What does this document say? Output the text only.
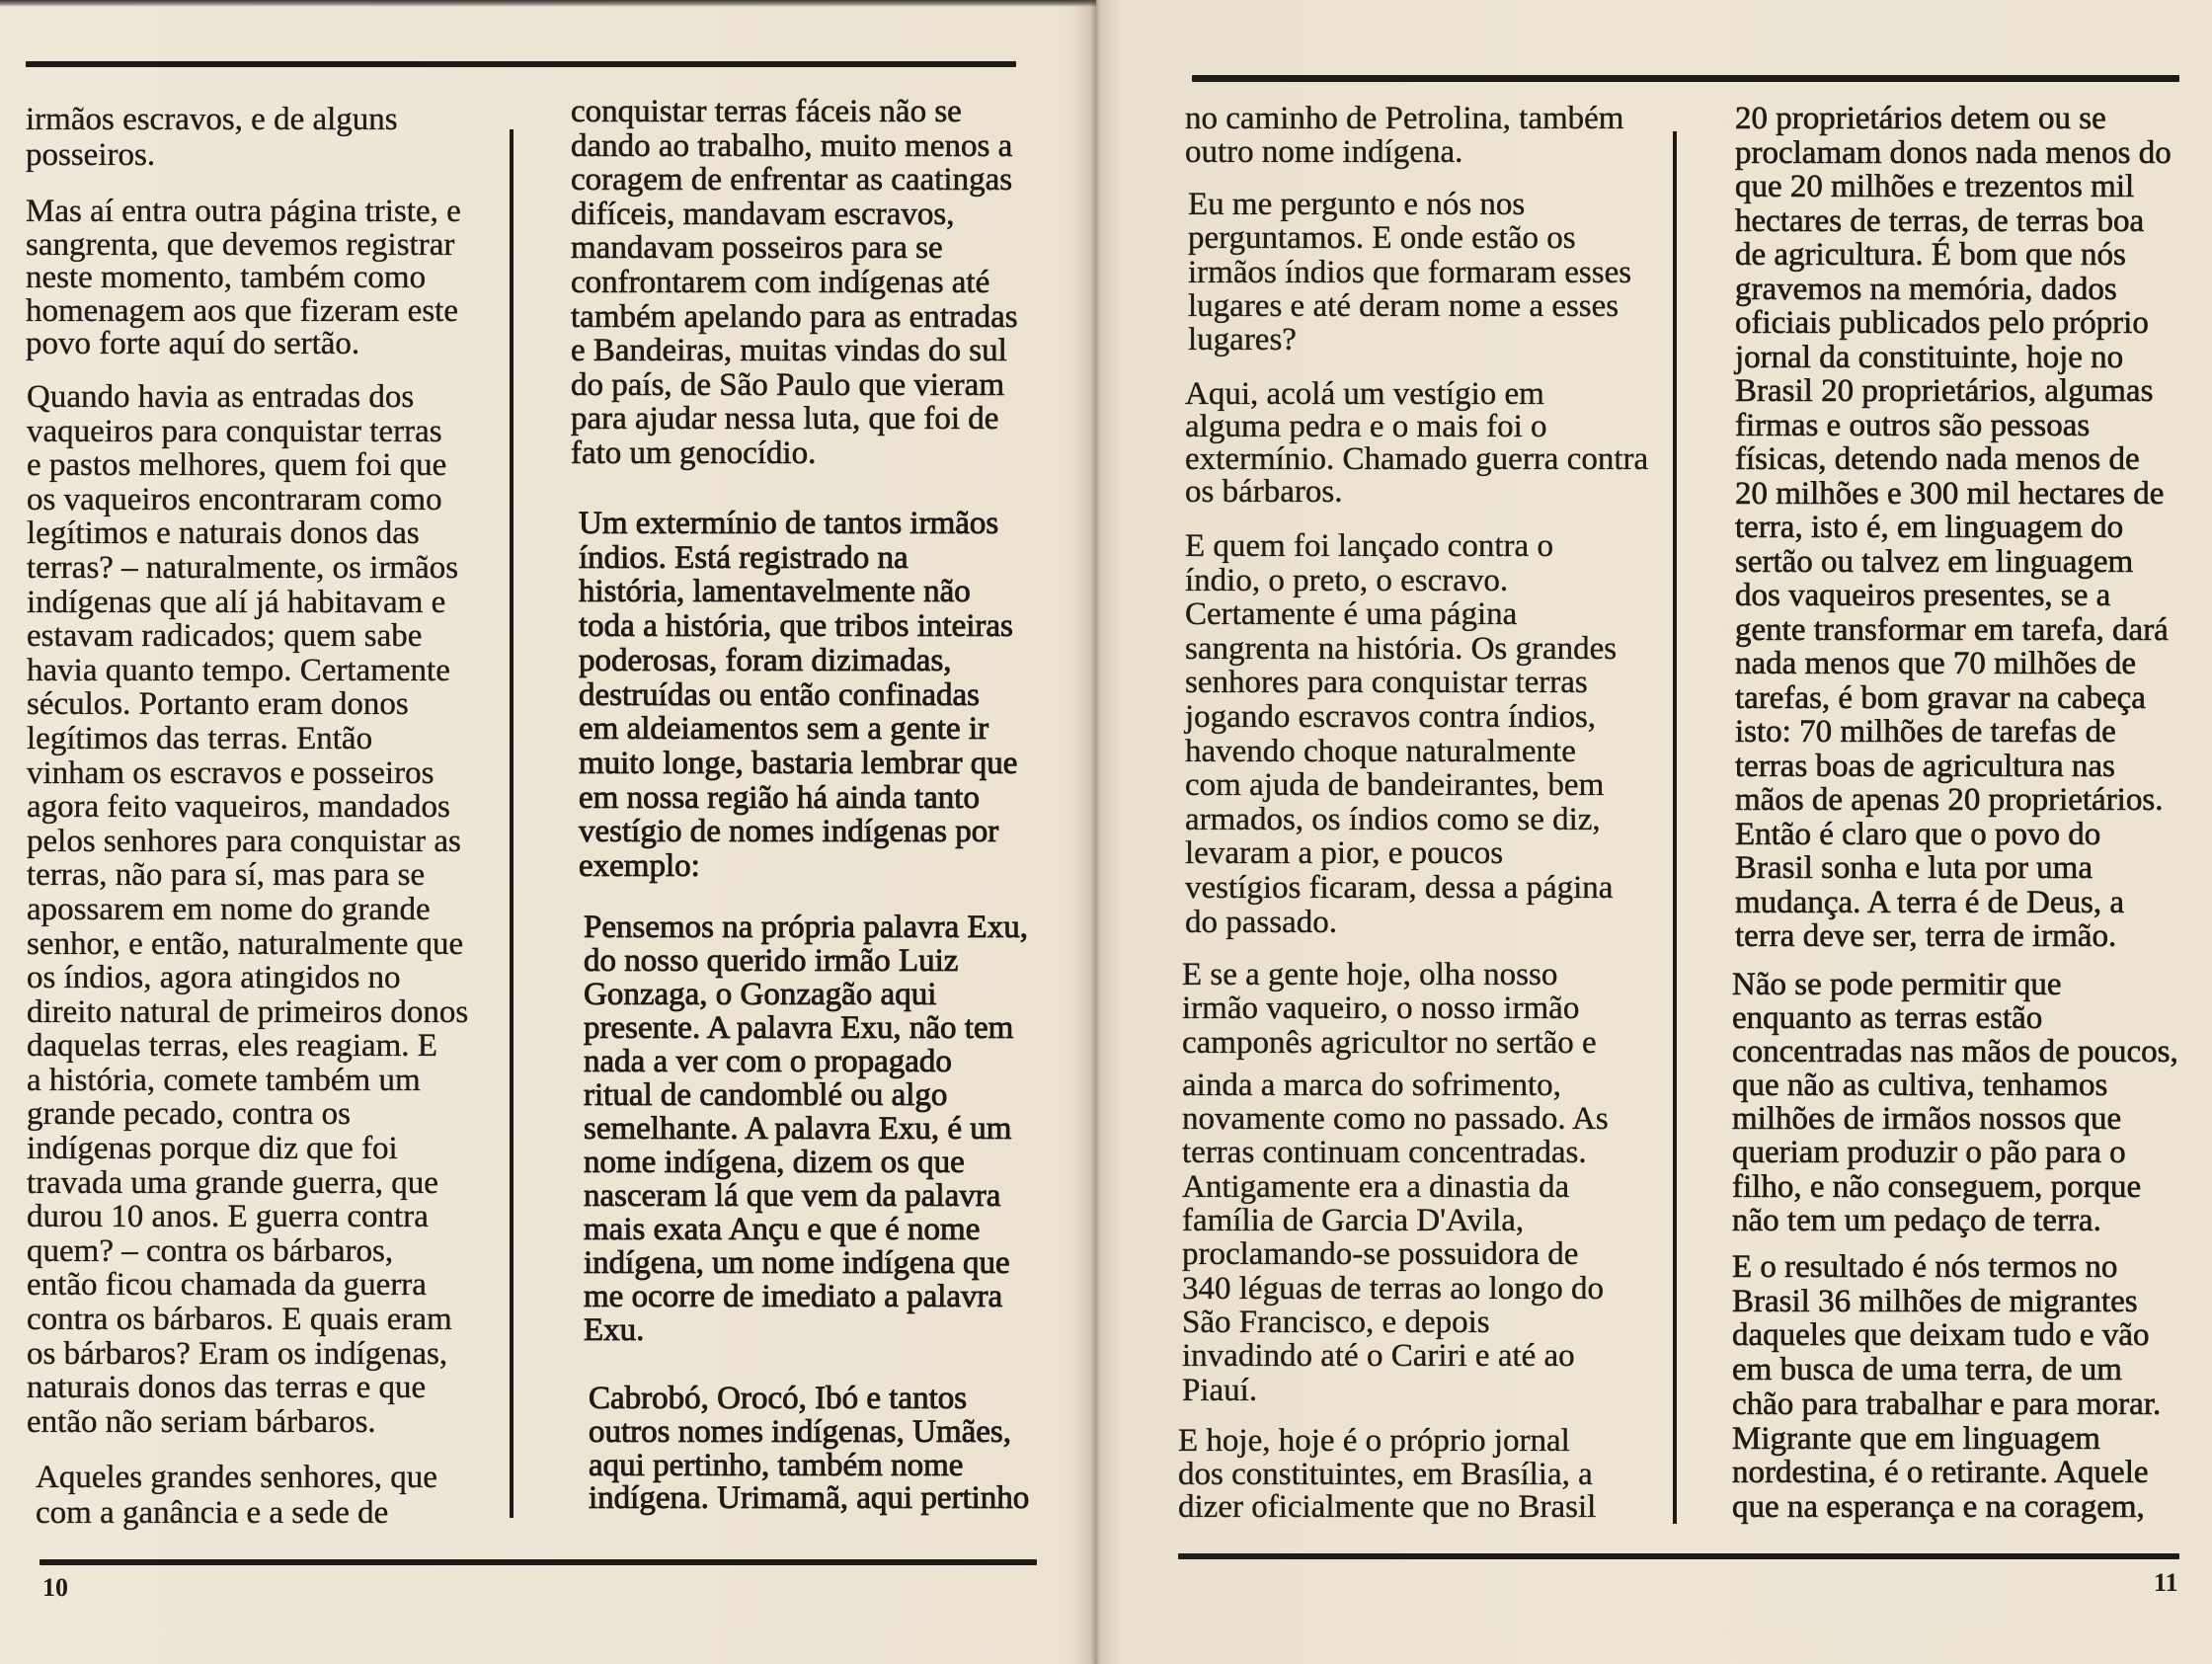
irmãos escravos, e de alguns
posseiros.
Mas aí entra outra página triste, e
sangrenta, que devemos registrar
neste momento, também como
homenagem aos que fizeram este
povo forte aquí do sertão.
Quando havia as entradas dos
vaqueiros para conquistar terras
e pastos melhores, quem foi que
os vaqueiros encontraram como
legítimos e naturais donos das
terras? – naturalmente, os irmãos
indígenas que alí já habitavam e
estavam radicados; quem sabe
havia quanto tempo. Certamente
séculos. Portanto eram donos
legítimos das terras. Então
vinham os escravos e posseiros
agora feito vaqueiros, mandados
pelos senhores para conquistar as
terras, não para sí, mas para se
apossarem em nome do grande
senhor, e então, naturalmente que
os índios, agora atingidos no
direito natural de primeiros donos
daquelas terras, eles reagiam. E
a história, comete também um
grande pecado, contra os
indígenas porque diz que foi
travada uma grande guerra, que
durou 10 anos. E guerra contra
quem? – contra os bárbaros,
então ficou chamada da guerra
contra os bárbaros. E quais eram
os bárbaros? Eram os indígenas,
naturais donos das terras e que
então não seriam bárbaros.
Aqueles grandes senhores, que
com a ganância e a sede de
conquistar terras fáceis não se
dando ao trabalho, muito menos a
coragem de enfrentar as caatingas
difíceis, mandavam escravos,
mandavam posseiros para se
confrontarem com indígenas até
também apelando para as entradas
e Bandeiras, muitas vindas do sul
do país, de São Paulo que vieram
para ajudar nessa luta, que foi de
fato um genocídio.
Um extermínio de tantos irmãos
índios. Está registrado na
história, lamentavelmente não
toda a história, que tribos inteiras
poderosas, foram dizimadas,
destruídas ou então confinadas
em aldeiamentos sem a gente ir
muito longe, bastaria lembrar que
em nossa região há ainda tanto
vestígio de nomes indígenas por
exemplo:
Pensemos na própria palavra Exu,
do nosso querido irmão Luiz
Gonzaga, o Gonzagão aqui
presente. A palavra Exu, não tem
nada a ver com o propagado
ritual de candomblé ou algo
semelhante. A palavra Exu, é um
nome indígena, dizem os que
nasceram lá que vem da palavra
mais exata Ançu e que é nome
indígena, um nome indígena que
me ocorre de imediato a palavra
Exu.
Cabrobó, Orocó, Ibó e tantos
outros nomes indígenas, Umães,
aqui pertinho, também nome
indígena. Urimamã, aqui pertinho
10
no caminho de Petrolina, também
outro nome indígena.
Eu me pergunto e nós nos
perguntamos. E onde estão os
irmãos índios que formaram esses
lugares e até deram nome a esses
lugares?
Aqui, acolá um vestígio em
alguma pedra e o mais foi o
extermínio. Chamado guerra contra
os bárbaros.
E quem foi lançado contra o
índio, o preto, o escravo.
Certamente é uma página
sangrenta na história. Os grandes
senhores para conquistar terras
jogando escravos contra índios,
havendo choque naturalmente
com ajuda de bandeirantes, bem
armados, os índios como se diz,
levaram a pior, e poucos
vestígios ficaram, dessa a página
do passado.
E se a gente hoje, olha nosso
irmão vaqueiro, o nosso irmão
camponês agricultor no sertão e
ainda a marca do sofrimento,
novamente como no passado. As
terras continuam concentradas.
Antigamente era a dinastia da
família de Garcia D'Avila,
proclamando-se possuidora de
340 léguas de terras ao longo do
São Francisco, e depois
invadindo até o Cariri e até ao
Piauí.
E hoje, hoje é o próprio jornal
dos constituintes, em Brasília, a
dizer oficialmente que no Brasil
20 proprietários detem ou se
proclamam donos nada menos do
que 20 milhões e trezentos mil
hectares de terras, de terras boa
de agricultura. É bom que nós
gravemos na memória, dados
oficiais publicados pelo próprio
jornal da constituinte, hoje no
Brasil 20 proprietários, algumas
firmas e outros são pessoas
físicas, detendo nada menos de
20 milhões e 300 mil hectares de
terra, isto é, em linguagem do
sertão ou talvez em linguagem
dos vaqueiros presentes, se a
gente transformar em tarefa, dará
nada menos que 70 milhões de
tarefas, é bom gravar na cabeça
isto: 70 milhões de tarefas de
terras boas de agricultura nas
mãos de apenas 20 proprietários.
Então é claro que o povo do
Brasil sonha e luta por uma
mudança. A terra é de Deus, a
terra deve ser, terra de irmão.
Não se pode permitir que
enquanto as terras estão
concentradas nas mãos de poucos,
que não as cultiva, tenhamos
milhões de irmãos nossos que
queriam produzir o pão para o
filho, e não conseguem, porque
não tem um pedaço de terra.
E o resultado é nós termos no
Brasil 36 milhões de migrantes
daqueles que deixam tudo e vão
em busca de uma terra, de um
chão para trabalhar e para morar.
Migrante que em linguagem
nordestina, é o retirante. Aquele
que na esperança e na coragem,
11
